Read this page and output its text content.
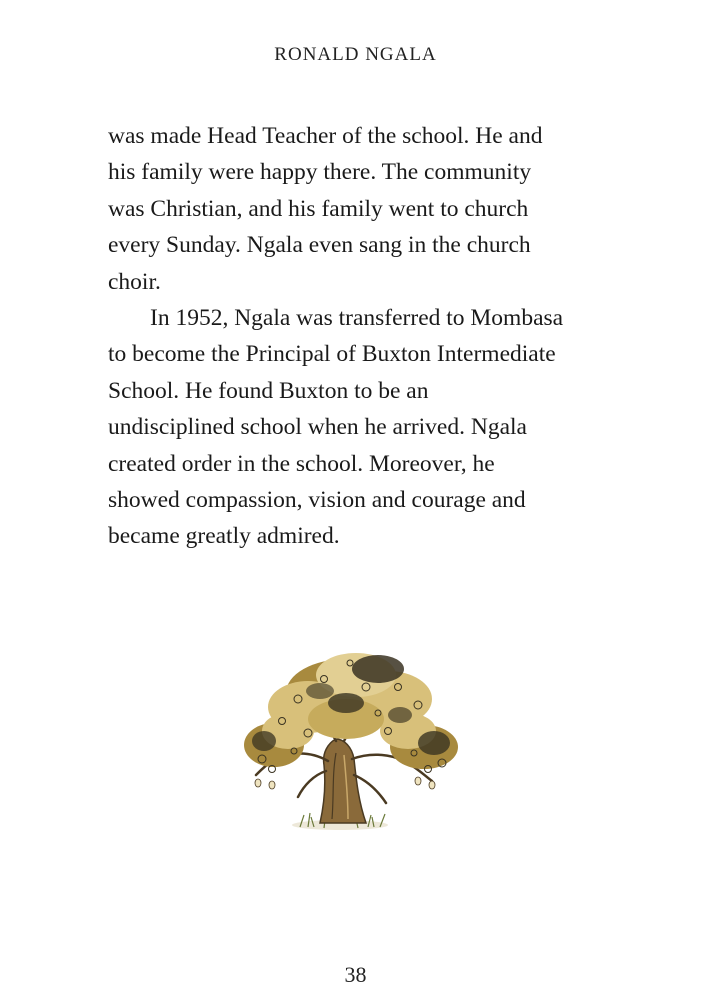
RONALD NGALA
was made Head Teacher of the school. He and
his family were happy there. The community
was Christian, and his family went to church
every Sunday. Ngala even sang in the church
choir.
In 1952, Ngala was transferred to Mombasa
to become the Principal of Buxton Intermediate
School. He found Buxton to be an
undisciplined school when he arrived. Ngala
created order in the school. Moreover, he
showed compassion, vision and courage and
became greatly admired.
38
